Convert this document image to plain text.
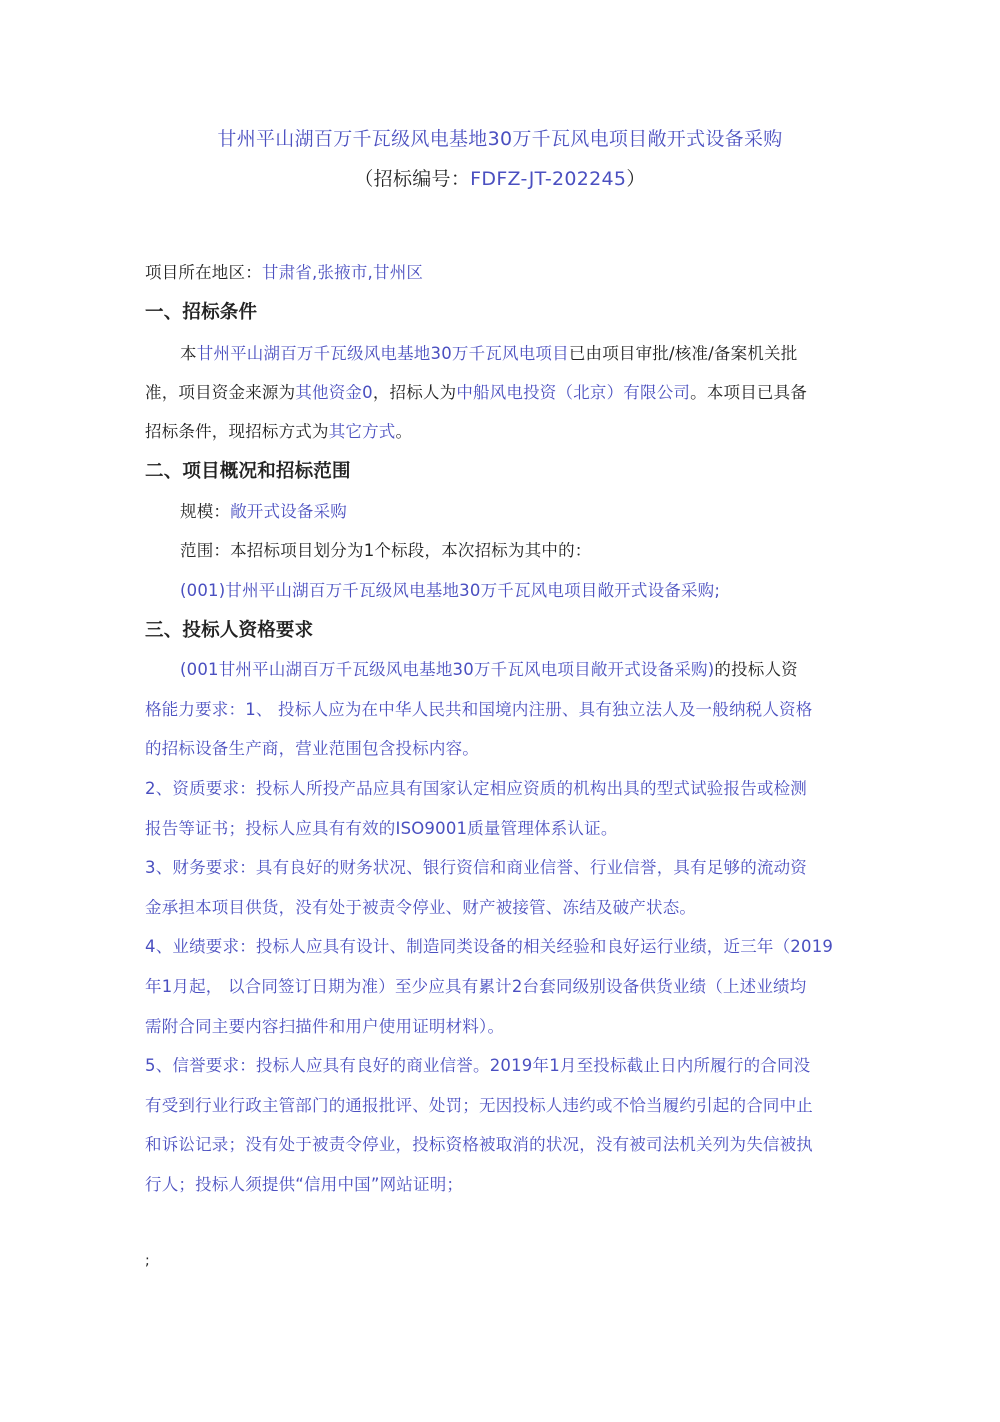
甘州平山湖百万千瓦级风电基地30万千瓦风电项目敞开式设备采购
（招标编号：FDFZ-JT-202245）
项目所在地区：甘肃省,张掖市,甘州区
一、招标条件
本甘州平山湖百万千瓦级风电基地30万千瓦风电项目已由项目审批/核准/备案机关批
准，项目资金来源为其他资金0，招标人为中船风电投资（北京）有限公司。本项目已具备
招标条件，现招标方式为其它方式。
二、项目概况和招标范围
规模：敞开式设备采购
范围：本招标项目划分为1个标段，本次招标为其中的：
(001)甘州平山湖百万千瓦级风电基地30万千瓦风电项目敞开式设备采购;
三、投标人资格要求
(001甘州平山湖百万千瓦级风电基地30万千瓦风电项目敞开式设备采购)的投标人资
格能力要求：1、 投标人应为在中华人民共和国境内注册、具有独立法人及一般纳税人资格
的招标设备生产商，营业范围包含投标内容。
2、资质要求：投标人所投产品应具有国家认定相应资质的机构出具的型式试验报告或检测
报告等证书；投标人应具有有效的ISO9001质量管理体系认证。
3、财务要求：具有良好的财务状况、银行资信和商业信誉、行业信誉，具有足够的流动资
金承担本项目供货，没有处于被责令停业、财产被接管、冻结及破产状态。
4、业绩要求：投标人应具有设计、制造同类设备的相关经验和良好运行业绩，近三年（2019
年1月起， 以合同签订日期为准）至少应具有累计2台套同级别设备供货业绩（上述业绩均
需附合同主要内容扫描件和用户使用证明材料）。
5、信誉要求：投标人应具有良好的商业信誉。2019年1月至投标截止日内所履行的合同没
有受到行业行政主管部门的通报批评、处罚；无因投标人违约或不恰当履约引起的合同中止
和诉讼记录；没有处于被责令停业，投标资格被取消的状况，没有被司法机关列为失信被执
行人；投标人须提供“信用中国”网站证明；
;
